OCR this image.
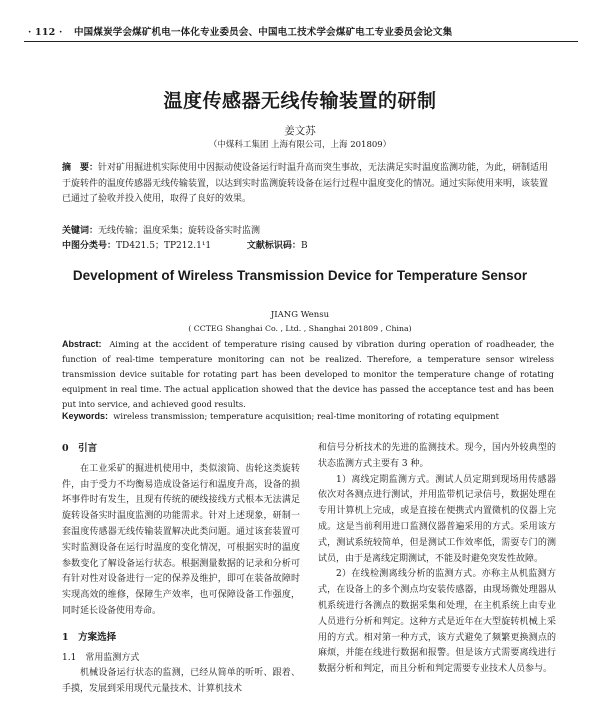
· 112 · 中国煤炭学会煤矿机电一体化专业委员会、中国电工技术学会煤矿电工专业委员会论文集
温度传感器无线传输装置的研制
姜文苏
（中煤科工集团 上海有限公司，上海 201809）
摘　要：针对矿用掘进机实际使用中因振动使设备运行时温升高而突生事故，无法满足实时温度监测功能，为此，研制适用于旋转件的温度传感器无线传输装置，以达到实时监测旋转设备在运行过程中温度变化的情况。通过实际使用来明，该装置已通过了验收并投入使用，取得了良好的效果。
关键词：无线传输；温度采集；旋转设备实时监测
中图分类号：TD421.5；TP212.1¹1	文献标识码：B
Development of Wireless Transmission Device for Temperature Sensor
JIANG Wensu
( CCTEG Shanghai Co. , Ltd. , Shanghai 201809 , China)
Abstract: Aiming at the accident of temperature rising caused by vibration during operation of roadheader, the function of real-time temperature monitoring can not be realized. Therefore, a temperature sensor wireless transmission device suitable for rotating part has been developed to monitor the temperature change of rotating equipment in real time. The actual application showed that the device has passed the acceptance test and has been put into service, and achieved good results.
Keywords: wireless transmission; temperature acquisition; real-time monitoring of rotating equipment
0　引言

在工业采矿的掘进机使用中，类似滚筒、齿轮这类旋转件，由于受力不均衡易造成设备运行和温度升高，设备的损坏事件时有发生，且现有传统的硬线接线方式根本无法满足旋转设备实时温度监测的功能需求。针对上述现象，研制一套温度传感器无线传输装置解决此类问题。通过该套装置可实时监测设备在运行时温度的变化情况，可根据实时的温度参数变化了解设备运行状态。根据测量数据的记录和分析可有针对性对设备进行一定的保养及维护，即可在装备故障时实现高效的维修，保障生产效率，也可保障设备工作强度，同时延长设备使用寿命。

1　方案选择
1.1　常用监测方式

机械设备运行状态的监测，已经从简单的听听、跟着、手摸，发展到采用现代元量技术、计算机技术

和信号分析技术的先进的监测技术。现今，国内外较典型的状态监测方式主要有 3 种。

1）离线定期监测方式。测试人员定期到现场用传感器依次对各测点进行测试，并用监带机记录信号，数据处理在专用计算机上完成，或是直接在便携式内置微机的仪器上完成。这是当前利用进口监测仪器普遍采用的方式。采用该方式，测试系统较简单，但是测试工作效率低，需耍专门的测试员，由于是离线定期测试，不能及时避免突发性故障。

2）在线检测离线分析的监测方式。亦称主从机监测方式，在设备上的多个测点均安装传感器，由现场微处理器从机系统进行各测点的数据采集和处理，在主机系统上由专业人员进行分析和判定。这种方式是近年在大型旋转机械上采用的方式。相对第一种方式，该方式避免了频繁更换测点的麻烦，并能在线进行数据和报警。但是该方式需要离线进行数据分析和判定，而且分析和判定需要专业技术人员参与。
